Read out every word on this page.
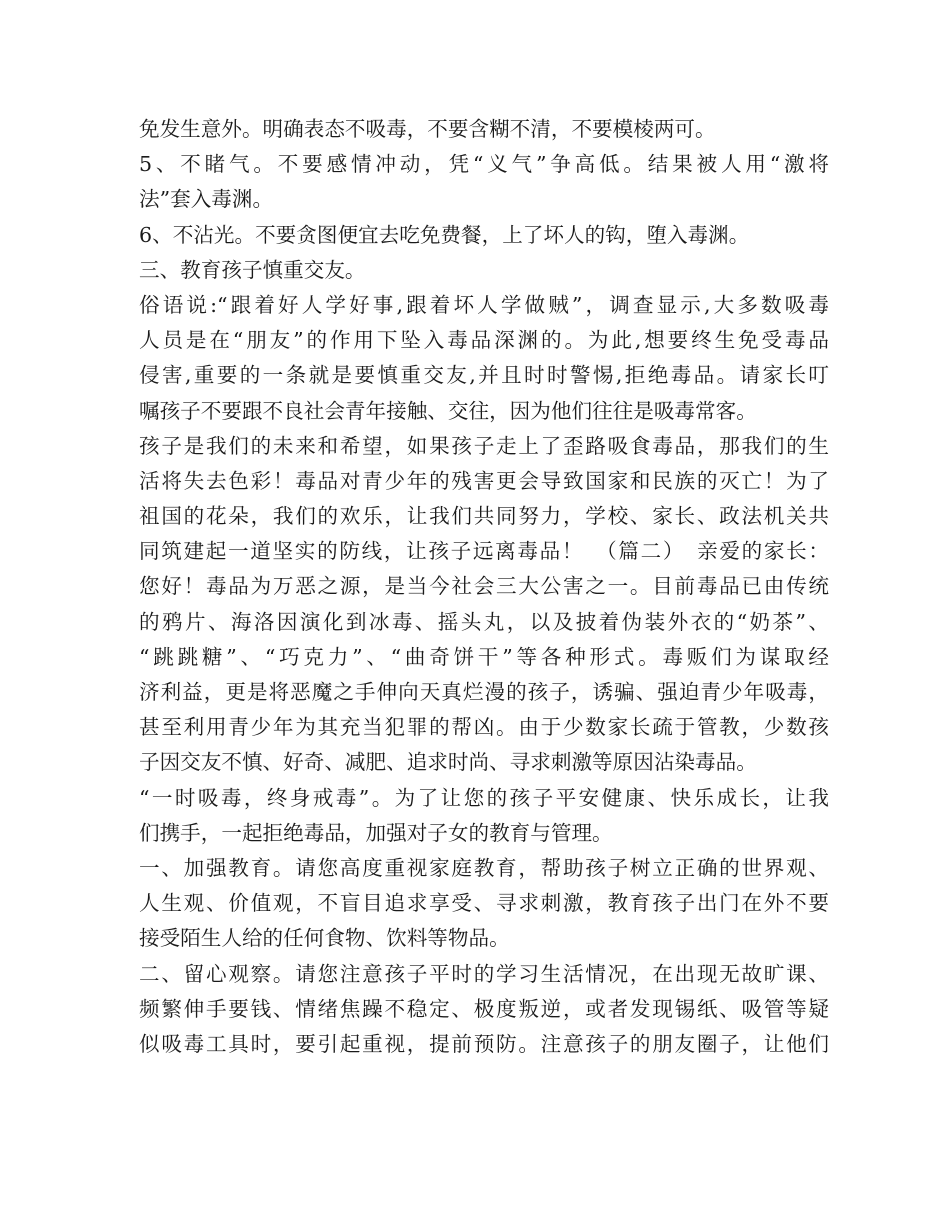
免发生意外。明确表态不吸毒，不要含糊不清，不要模棱两可。
5、不睹气。不要感情冲动，凭“义气”争高低。结果被人用“激将
法”套入毒渊。
6、不沾光。不要贪图便宜去吃免费餐，上了坏人的钩，堕入毒渊。
三、教育孩子慎重交友。
俗语说:“跟着好人学好事,跟着坏人学做贼”，调查显示,大多数吸毒
人员是在“朋友”的作用下坠入毒品深渊的。为此,想要终生免受毒品
侵害,重要的一条就是要慎重交友,并且时时警惕,拒绝毒品。请家长叮
嘱孩子不要跟不良社会青年接触、交往，因为他们往往是吸毒常客。
孩子是我们的未来和希望，如果孩子走上了歪路吸食毒品，那我们的生
活将失去色彩！毒品对青少年的残害更会导致国家和民族的灭亡！为了
祖国的花朵，我们的欢乐，让我们共同努力，学校、家长、政法机关共
同筑建起一道坚实的防线，让孩子远离毒品！　（篇二）　亲爱的家长：
您好！毒品为万恶之源，是当今社会三大公害之一。目前毒品已由传统
的鸦片、海洛因演化到冰毒、摇头丸，以及披着伪装外衣的“奶茶”、
“跳跳糖”、“巧克力”、“曲奇饼干”等各种形式。毒贩们为谋取经
济利益，更是将恶魔之手伸向天真烂漫的孩子，诱骗、强迫青少年吸毒，
甚至利用青少年为其充当犯罪的帮凶。由于少数家长疏于管教，少数孩
子因交友不慎、好奇、减肥、追求时尚、寻求刺激等原因沾染毒品。
“一时吸毒，终身戒毒”。为了让您的孩子平安健康、快乐成长，让我
们携手，一起拒绝毒品，加强对子女的教育与管理。
一、加强教育。请您高度重视家庭教育，帮助孩子树立正确的世界观、
人生观、价值观，不盲目追求享受、寻求刺激，教育孩子出门在外不要
接受陌生人给的任何食物、饮料等物品。
二、留心观察。请您注意孩子平时的学习生活情况，在出现无故旷课、
频繁伸手要钱、情绪焦躁不稳定、极度叛逆，或者发现锡纸、吸管等疑
似吸毒工具时，要引起重视，提前预防。注意孩子的朋友圈子，让他们
